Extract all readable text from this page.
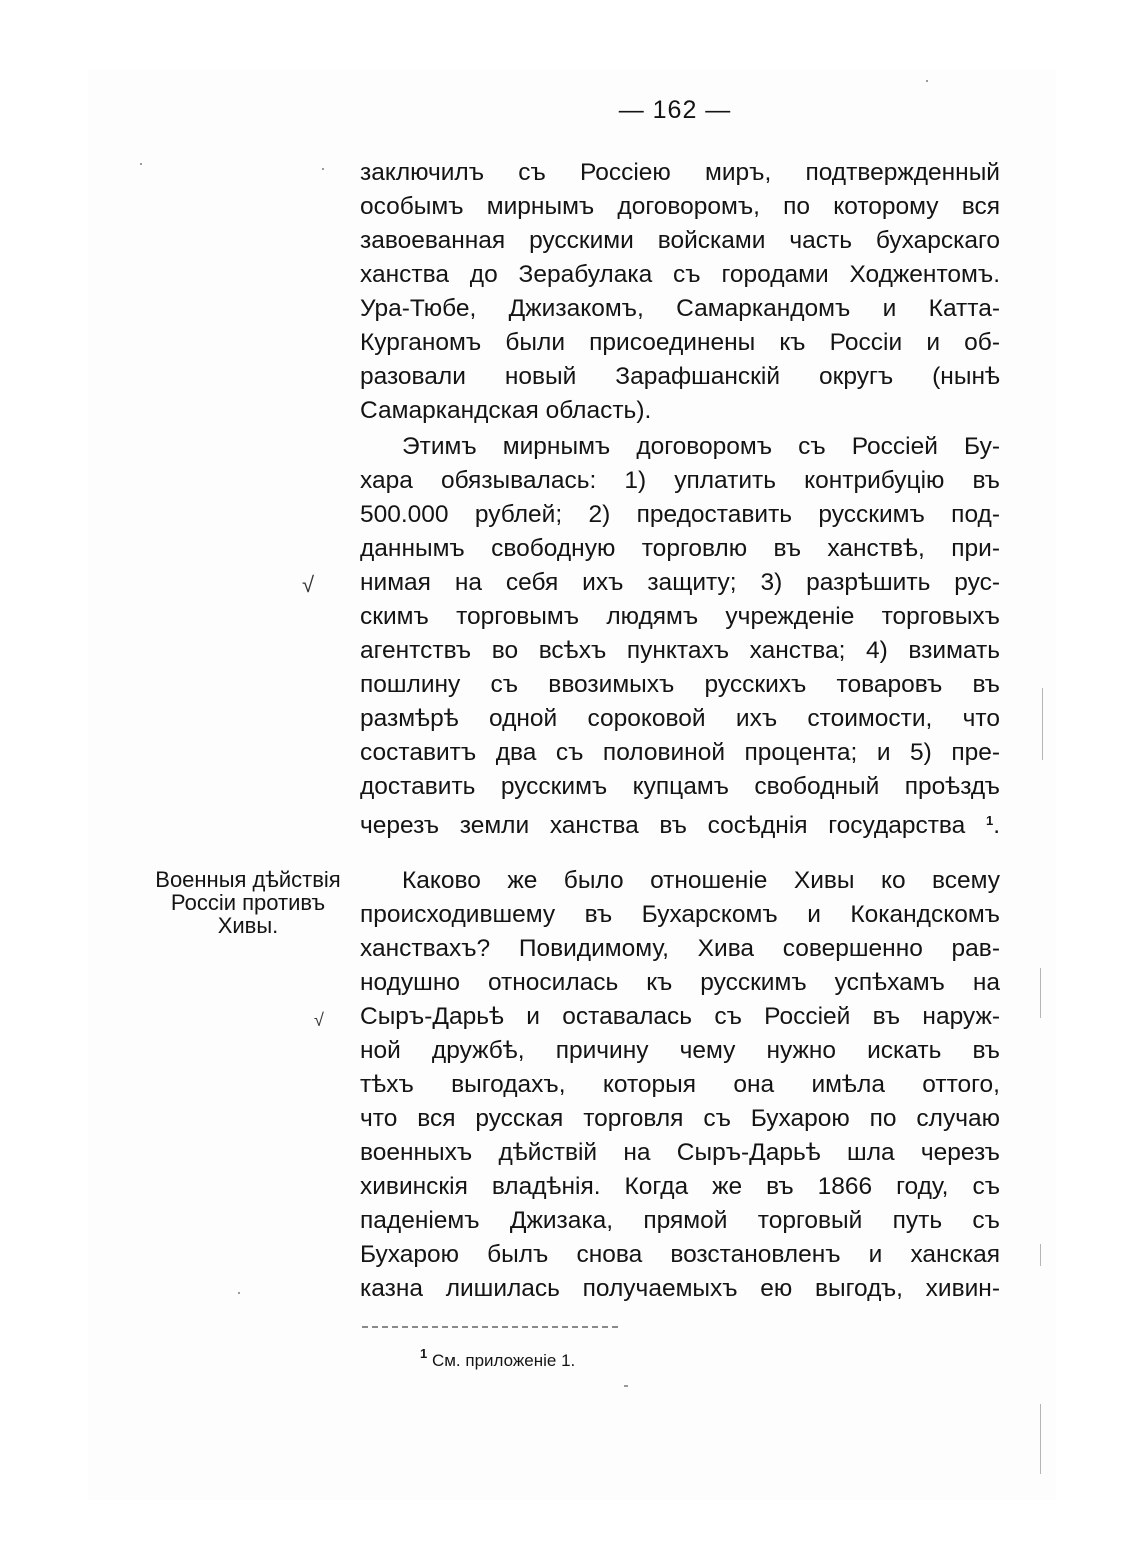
— 162 —

заключилъ съ Россіею миръ, подтвержденный

особымъ мирнымъ договоромъ, по которому вся

завоеванная русскими войсками часть бухарскаго

ханства до Зерабулака съ городами Ходжентомъ.

Ура-Тюбе, Джизакомъ, Самаркандомъ и Катта-

Курганомъ были присоединены къ Россіи и об-

разовали новый Зарафшанскій округъ (нынѣ

Самаркандская область).

Этимъ мирнымъ договоромъ съ Россіей Бу-

хара обязывалась: 1) уплатить контрибуцію въ

500.000 рублей; 2) предоставить русскимъ под-

даннымъ свободную торговлю въ ханствѣ, при-

нимая на себя ихъ защиту; 3) разрѣшить рус-

скимъ торговымъ людямъ учрежденіе торговыхъ

агентствъ во всѣхъ пунктахъ ханства; 4) взимать

пошлину съ ввозимыхъ русскихъ товаровъ въ

размѣрѣ одной сороковой ихъ стоимости, что

составитъ два съ половиной процента; и 5) пре-

доставить русскимъ купцамъ свободный проѣздъ

черезъ земли ханства въ сосѣднія государства $^1$.

Военныя дѣйствія
Россіи противъ
Хивы.

Каково же было отношеніе Хивы ко всему

происходившему въ Бухарскомъ и Кокандскомъ

ханствахъ? Повидимому, Хива совершенно рав-

нодушно относилась къ русскимъ успѣхамъ на

Сыръ-Дарьѣ и оставалась съ Россіей въ наруж-

ной дружбѣ, причину чему нужно искать въ

тѣхъ выгодахъ, которыя она имѣла оттого,

что вся русская торговля съ Бухарою по случаю

военныхъ дѣйствій на Сыръ-Дарьѣ шла черезъ

хивинскія владѣнія. Когда же въ 1866 году, съ

паденіемъ Джизака, прямой торговый путь съ

Бухарою былъ снова возстановленъ и ханская

казна лишилась получаемыхъ ею выгодъ, хивин-

√

√

$^1$ См. приложеніе 1.
